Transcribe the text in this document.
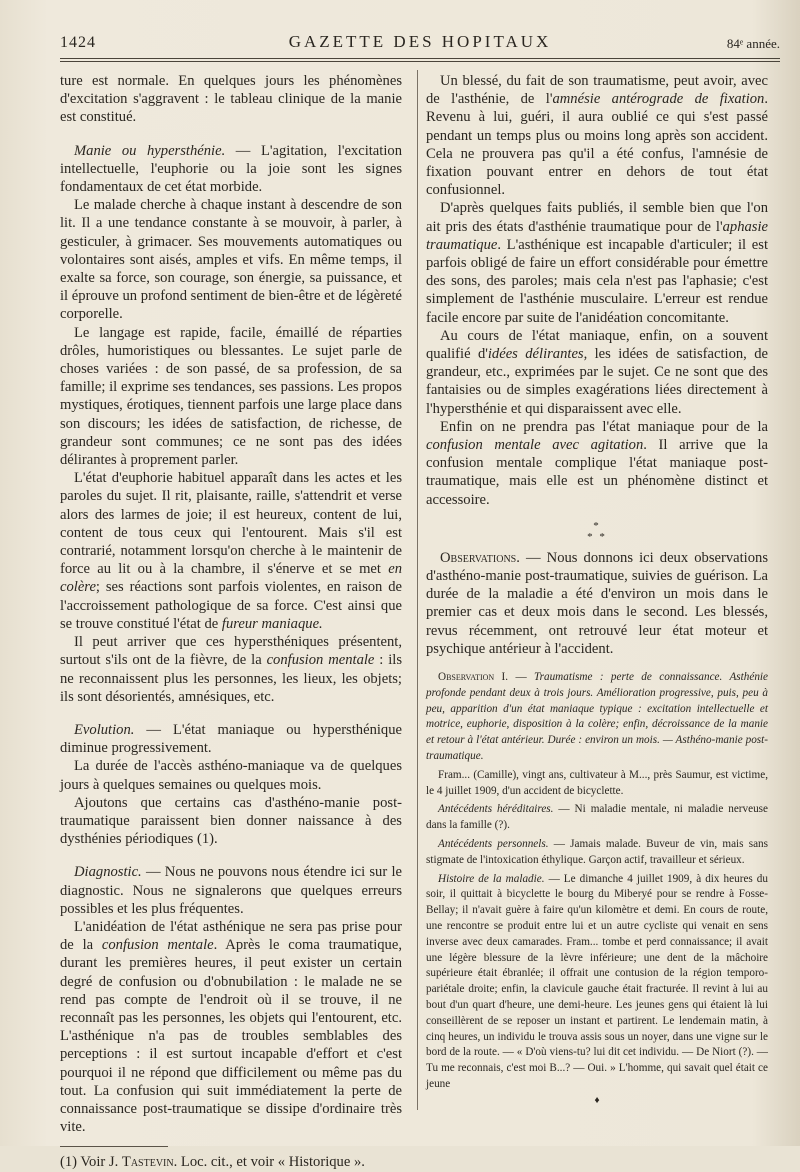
1424	GAZETTE DES HOPITAUX	84ᵉ année.

ture est normale. En quelques jours les phénomènes d'excitation s'aggravent : le tableau clinique de la manie est constitué.

Manie ou hypersthénie. — L'agitation, l'excitation intellectuelle, l'euphorie ou la joie sont les signes fondamentaux de cet état morbide.

Le malade cherche à chaque instant à descendre de son lit. Il a une tendance constante à se mouvoir, à parler, à gesticuler, à grimacer. Ses mouvements automatiques ou volontaires sont aisés, amples et vifs. En même temps, il exalte sa force, son courage, son énergie, sa puissance, et il éprouve un profond sentiment de bien-être et de légèreté corporelle.

Le langage est rapide, facile, émaillé de réparties drôles, humoristiques ou blessantes. Le sujet parle de choses variées : de son passé, de sa profession, de sa famille; il exprime ses tendances, ses passions. Les propos mystiques, érotiques, tiennent parfois une large place dans son discours; les idées de satisfaction, de richesse, de grandeur sont communes; ce ne sont pas des idées délirantes à proprement parler.

L'état d'euphorie habituel apparaît dans les actes et les paroles du sujet. Il rit, plaisante, raille, s'attendrit et verse alors des larmes de joie; il est heureux, content de lui, content de tous ceux qui l'entourent. Mais s'il est contrarié, notamment lorsqu'on cherche à le maintenir de force au lit ou à la chambre, il s'énerve et se met en colère; ses réactions sont parfois violentes, en raison de l'accroissement pathologique de sa force. C'est ainsi que se trouve constitué l'état de fureur maniaque.

Il peut arriver que ces hypersthéniques présentent, surtout s'ils ont de la fièvre, de la confusion mentale : ils ne reconnaissent plus les personnes, les lieux, les objets; ils sont désorientés, amnésiques, etc.

Evolution. — L'état maniaque ou hypersthénique diminue progressivement.

La durée de l'accès asthéno-maniaque va de quelques jours à quelques semaines ou quelques mois.

Ajoutons que certains cas d'asthéno-manie post-traumatique paraissent bien donner naissance à des dysthénies périodiques (1).

Diagnostic. — Nous ne pouvons nous étendre ici sur le diagnostic. Nous ne signalerons que quelques erreurs possibles et les plus fréquentes.

L'anidéation de l'état asthénique ne sera pas prise pour de la confusion mentale. Après le coma traumatique, durant les premières heures, il peut exister un certain degré de confusion ou d'obnubilation : le malade ne se rend pas compte de l'endroit où il se trouve, il ne reconnaît pas les personnes, les objets qui l'entourent, etc. L'asthénique n'a pas de troubles semblables des perceptions : il est surtout incapable d'effort et c'est pourquoi il ne répond que difficilement ou même pas du tout. La confusion qui suit immédiatement la perte de connaissance post-traumatique se dissipe d'ordinaire très vite.

(1) Voir J. Tastevin. Loc. cit., et voir « Historique ».

Un blessé, du fait de son traumatisme, peut avoir, avec de l'asthénie, de l'amnésie antérograde de fixation. Revenu à lui, guéri, il aura oublié ce qui s'est passé pendant un temps plus ou moins long après son accident. Cela ne prouvera pas qu'il a été confus, l'amnésie de fixation pouvant entrer en dehors de tout état confusionnel.

D'après quelques faits publiés, il semble bien que l'on ait pris des états d'asthénie traumatique pour de l'aphasie traumatique. L'asthénique est incapable d'articuler; il est parfois obligé de faire un effort considérable pour émettre des sons, des paroles; mais cela n'est pas l'aphasie; c'est simplement de l'asthénie musculaire. L'erreur est rendue facile encore par suite de l'anidéation concomitante.

Au cours de l'état maniaque, enfin, on a souvent qualifié d'idées délirantes, les idées de satisfaction, de grandeur, etc., exprimées par le sujet. Ce ne sont que des fantaisies ou de simples exagérations liées directement à l'hypersthénie et qui disparaissent avec elle.

Enfin on ne prendra pas l'état maniaque pour de la confusion mentale avec agitation. Il arrive que la confusion mentale complique l'état maniaque post-traumatique, mais elle est un phénomène distinct et accessoire.

*
* *

Observations. — Nous donnons ici deux observations d'asthéno-manie post-traumatique, suivies de guérison. La durée de la maladie a été d'environ un mois dans le premier cas et deux mois dans le second. Les blessés, revus récemment, ont retrouvé leur état moteur et psychique antérieur à l'accident.

Observation I. — Traumatisme : perte de connaissance. Asthénie profonde pendant deux à trois jours. Amélioration progressive, puis, peu à peu, apparition d'un état maniaque typique : excitation intellectuelle et motrice, euphorie, disposition à la colère; enfin, décroissance de la manie et retour à l'état antérieur. Durée : environ un mois. — Asthéno-manie post-traumatique.

Fram... (Camille), vingt ans, cultivateur à M..., près Saumur, est victime, le 4 juillet 1909, d'un accident de bicyclette.

Antécédents héréditaires. — Ni maladie mentale, ni maladie nerveuse dans la famille (?).

Antécédents personnels. — Jamais malade. Buveur de vin, mais sans stigmate de l'intoxication éthylique. Garçon actif, travailleur et sérieux.

Histoire de la maladie. — Le dimanche 4 juillet 1909, à dix heures du soir, il quittait à bicyclette le bourg du Miberyé pour se rendre à Fosse-Bellay; il n'avait guère à faire qu'un kilomètre et demi. En cours de route, une rencontre se produit entre lui et un autre cycliste qui venait en sens inverse avec deux camarades. Fram... tombe et perd connaissance; il avait une légère blessure de la lèvre inférieure; une dent de la mâchoire supérieure était ébranlée; il offrait une contusion de la région temporo-pariétale droite; enfin, la clavicule gauche était fracturée. Il revint à lui au bout d'un quart d'heure, une demi-heure. Les jeunes gens qui étaient là lui conseillèrent de se reposer un instant et partirent. Le lendemain matin, à cinq heures, un individu le trouva assis sous un noyer, dans une vigne sur le bord de la route. — « D'où viens-tu? lui dit cet individu. — De Niort (?). — Tu me reconnais, c'est moi B...? — Oui. » L'homme, qui savait quel était ce jeune

♦
